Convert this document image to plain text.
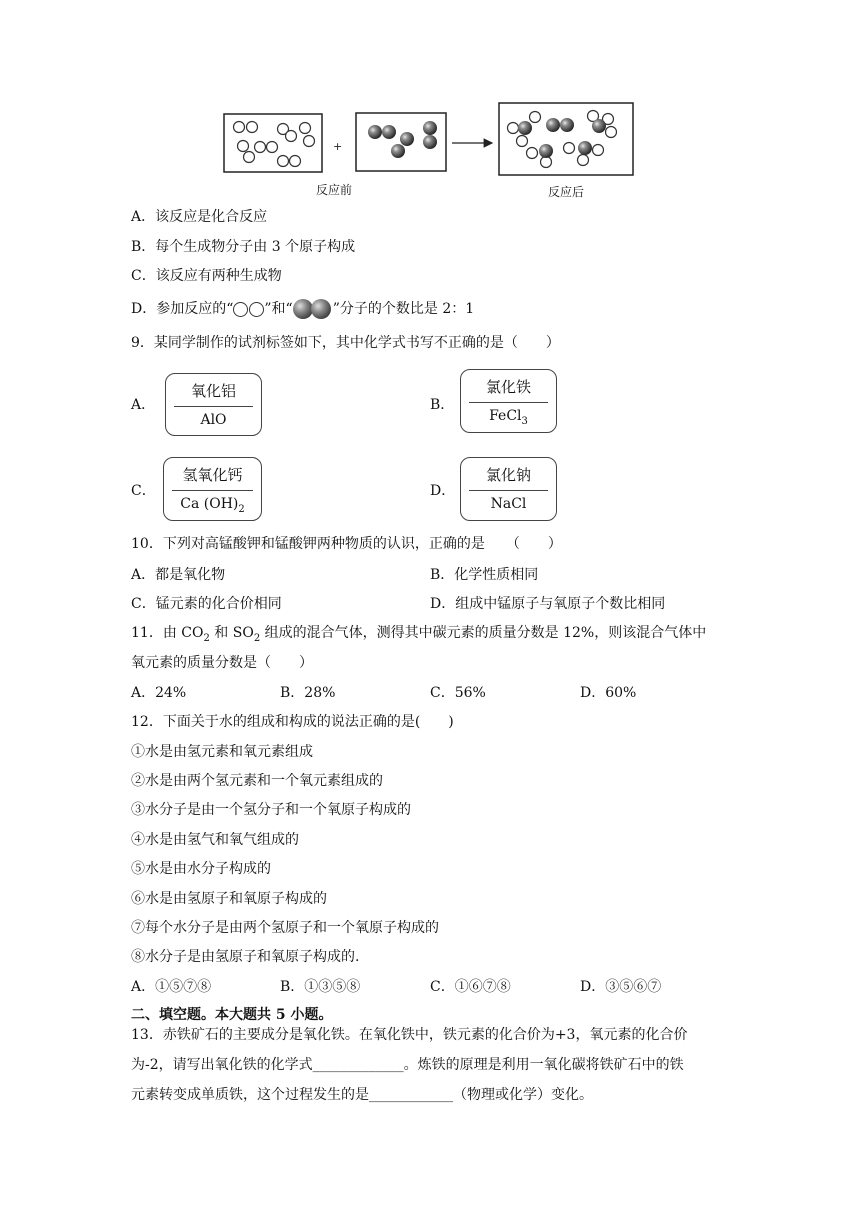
+
反应前	反应后
A．该反应是化合反应
B．每个生成物分子由 3 个原子构成
C．该反应有两种生成物
D．参加反应的“ ”和“	”分子的个数比是 2：1
9．某同学制作的试剂标签如下，其中化学式书写不正确的是（　　）
A．
氧化铝
AlO
B．
氯化铁
FeCl$_3$
C．
氢氧化钙
Ca $(OH)_2$
D．
氯化钠
NaCl
10．下列对高锰酸钾和锰酸钾两种物质的认识，正确的是　　（　　）
A．都是氧化物	B．化学性质相同
C．锰元素的化合价相同	D．组成中锰原子与氧原子个数比相同
11．由 $CO_2$ 和 $SO_2$ 组成的混合气体，测得其中碳元素的质量分数是 12%，则该混合气体中
氧元素的质量分数是（　　）
A．24%	B．28%	C．56%	D．60%
12．下面关于水的组成和构成的说法正确的是(　　)
①水是由氢元素和氧元素组成
②水是由两个氢元素和一个氧元素组成的
③水分子是由一个氢分子和一个氧原子构成的
④水是由氢气和氧气组成的
⑤水是由水分子构成的
⑥水是由氢原子和氧原子构成的
⑦每个水分子是由两个氢原子和一个氧原子构成的
⑧水分子是由氢原子和氧原子构成的.
A．①⑤⑦⑧	B．①③⑤⑧	C．①⑥⑦⑧	D．③⑤⑥⑦
二、填空题。本大题共 5 小题。
13．赤铁矿石的主要成分是氧化铁。在氧化铁中，铁元素的化合价为+3，氧元素的化合价
为-2，请写出氧化铁的化学式_____________。炼铁的原理是利用一氧化碳将铁矿石中的铁
元素转变成单质铁，这个过程发生的是____________（物理或化学）变化。
